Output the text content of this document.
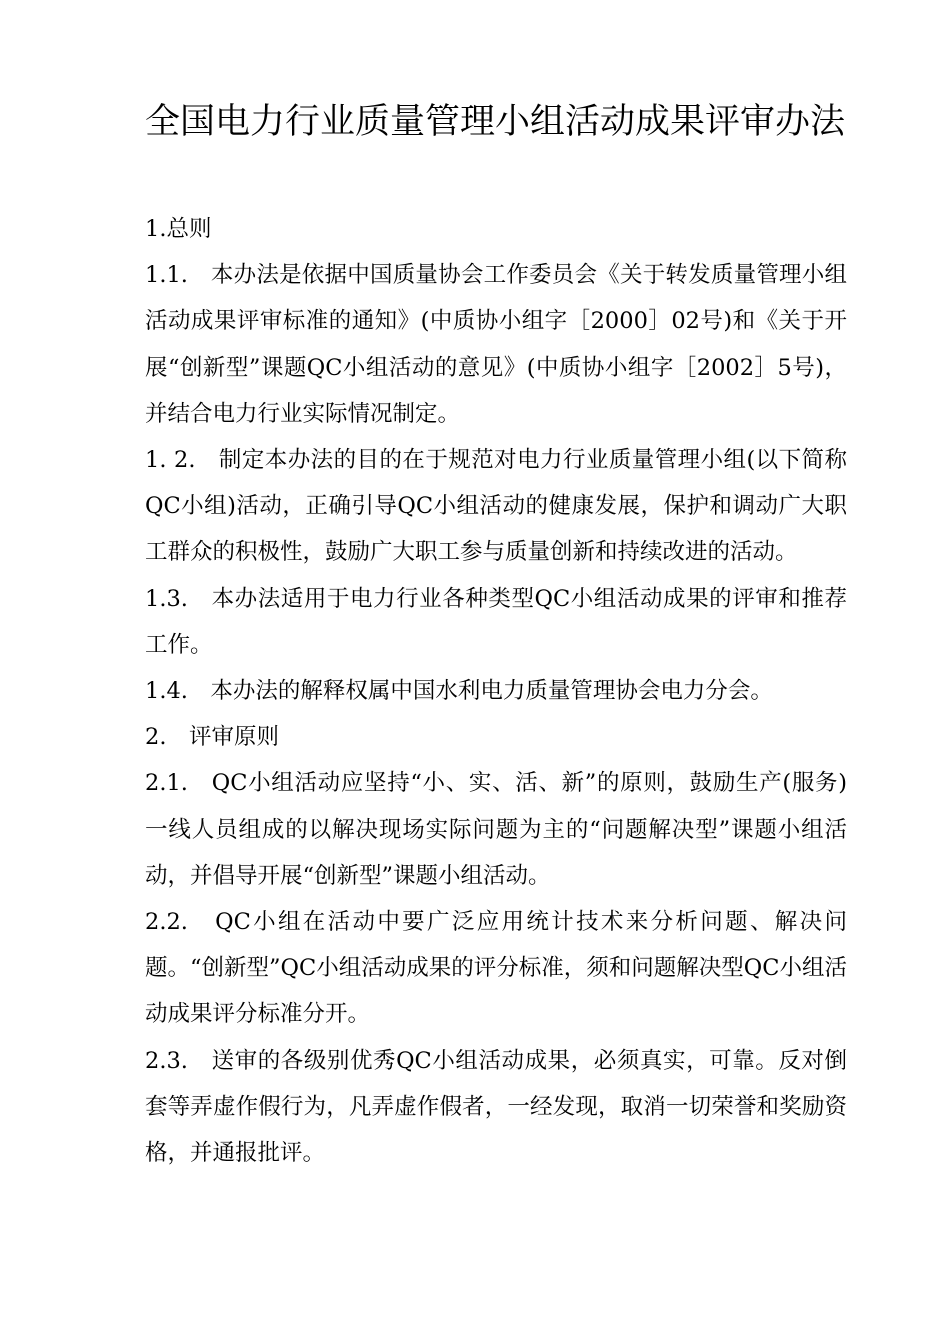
全国电力行业质量管理小组活动成果评审办法

1.总则

1.1.　本办法是依据中国质量协会工作委员会《关于转发质量管理小组活动成果评审标准的通知》(中质协小组字［2000］02号)和《关于开展“创新型”课题QC小组活动的意见》(中质协小组字［2002］5号)，并结合电力行业实际情况制定。

1. 2.　制定本办法的目的在于规范对电力行业质量管理小组(以下简称QC小组)活动，正确引导QC小组活动的健康发展，保护和调动广大职工群众的积极性，鼓励广大职工参与质量创新和持续改进的活动。

1.3.　本办法适用于电力行业各种类型QC小组活动成果的评审和推荐工作。

1.4.　本办法的解释权属中国水利电力质量管理协会电力分会。

2.　评审原则

2.1.　QC小组活动应坚持“小、实、活、新”的原则，鼓励生产(服务)一线人员组成的以解决现场实际问题为主的“问题解决型”课题小组活动，并倡导开展“创新型”课题小组活动。

2.2.　QC小组在活动中要广泛应用统计技术来分析问题、解决问题。“创新型”QC小组活动成果的评分标准，须和问题解决型QC小组活动成果评分标准分开。

2.3.　送审的各级别优秀QC小组活动成果，必须真实，可靠。反对倒套等弄虚作假行为，凡弄虚作假者，一经发现，取消一切荣誉和奖励资格，并通报批评。
